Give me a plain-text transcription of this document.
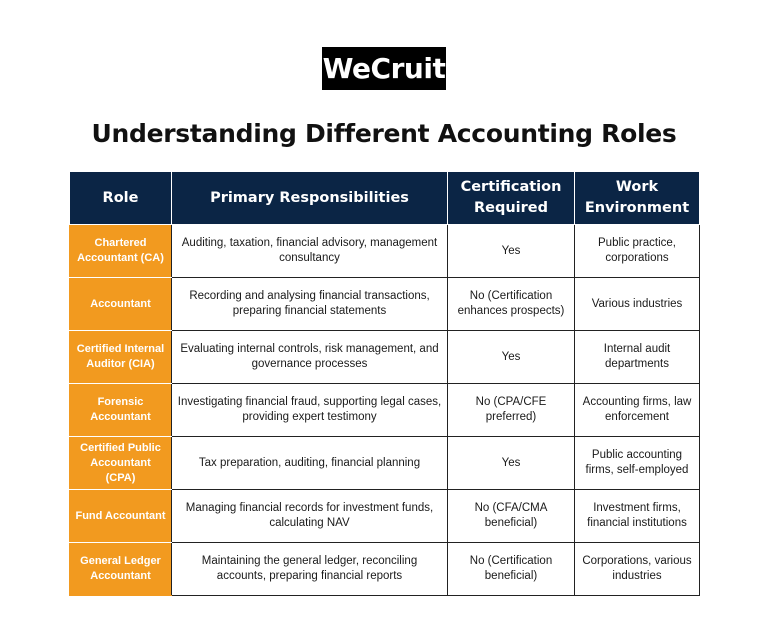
WeCruit
Understanding Different Accounting Roles
Role	Primary Responsibilities	Certification Required	Work Environment
Chartered Accountant (CA)	Auditing, taxation, financial advisory, management consultancy	Yes	Public practice, corporations
Accountant	Recording and analysing financial transactions, preparing financial statements	No (Certification enhances prospects)	Various industries
Certified Internal Auditor (CIA)	Evaluating internal controls, risk management, and governance processes	Yes	Internal audit departments
Forensic Accountant	Investigating financial fraud, supporting legal cases, providing expert testimony	No (CPA/CFE preferred)	Accounting firms, law enforcement
Certified Public Accountant (CPA)	Tax preparation, auditing, financial planning	Yes	Public accounting firms, self-employed
Fund Accountant	Managing financial records for investment funds, calculating NAV	No (CFA/CMA beneficial)	Investment firms, financial institutions
General Ledger Accountant	Maintaining the general ledger, reconciling accounts, preparing financial reports	No (Certification beneficial)	Corporations, various industries
